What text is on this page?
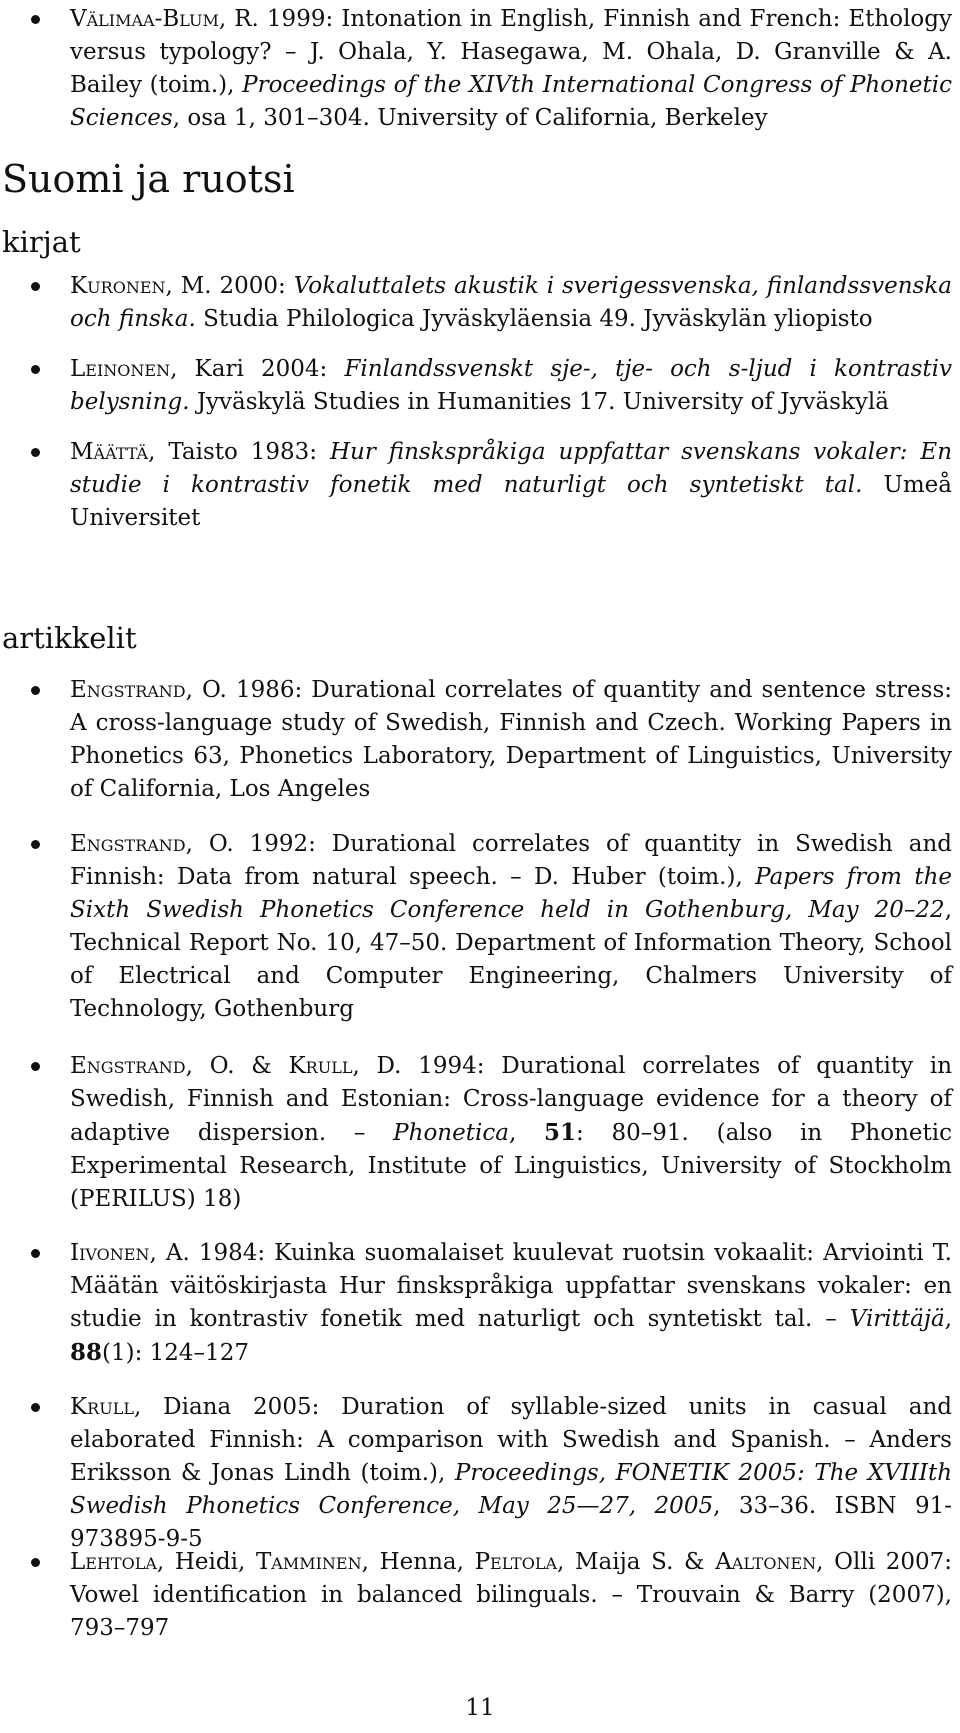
Välimaa-Blum, R. 1999: Intonation in English, Finnish and French: Ethology versus typology? – J. Ohala, Y. Hasegawa, M. Ohala, D. Granville & A. Bailey (toim.), Proceedings of the XIVth International Congress of Phonetic Sciences, osa 1, 301–304. University of California, Berkeley
Suomi ja ruotsi
kirjat
Kuronen, M. 2000: Vokaluttalets akustik i sverigessvenska, finlandssvenska och finska. Studia Philologica Jyväskyläensia 49. Jyväskylän yliopisto
Leinonen, Kari 2004: Finlandssvenskt sje-, tje- och s-ljud i kontrastiv belysning. Jyväskylä Studies in Humanities 17. University of Jyväskylä
Määttä, Taisto 1983: Hur finskspråkiga uppfattar svenskans vokaler: En studie i kontrastiv fonetik med naturligt och syntetiskt tal. Umeå Universitet
artikkelit
Engstrand, O. 1986: Durational correlates of quantity and sentence stress: A cross-language study of Swedish, Finnish and Czech. Working Papers in Phonetics 63, Phonetics Laboratory, Department of Linguistics, University of California, Los Angeles
Engstrand, O. 1992: Durational correlates of quantity in Swedish and Finnish: Data from natural speech. – D. Huber (toim.), Papers from the Sixth Swedish Phonetics Conference held in Gothenburg, May 20–22, Technical Report No. 10, 47–50. Department of Information Theory, School of Electrical and Computer Engineering, Chalmers University of Technology, Gothenburg
Engstrand, O. & Krull, D. 1994: Durational correlates of quantity in Swedish, Finnish and Estonian: Cross-language evidence for a theory of adaptive dispersion. – Phonetica, 51: 80–91. (also in Phonetic Experimental Research, Institute of Linguistics, University of Stockholm (PERILUS) 18)
Iivonen, A. 1984: Kuinka suomalaiset kuulevat ruotsin vokaalit: Arviointi T. Määtän väitöskirjasta Hur finskspråkiga uppfattar svenskans vokaler: en studie in kontrastiv fonetik med naturligt och syntetiskt tal. – Virittäjä, 88(1): 124–127
Krull, Diana 2005: Duration of syllable-sized units in casual and elaborated Finnish: A comparison with Swedish and Spanish. – Anders Eriksson & Jonas Lindh (toim.), Proceedings, FONETIK 2005: The XVIIIth Swedish Phonetics Conference, May 25—27, 2005, 33–36. ISBN 91-973895-9-5
Lehtola, Heidi, Tamminen, Henna, Peltola, Maija S. & Aaltonen, Olli 2007: Vowel identification in balanced bilinguals. – Trouvain & Barry (2007), 793–797
11
